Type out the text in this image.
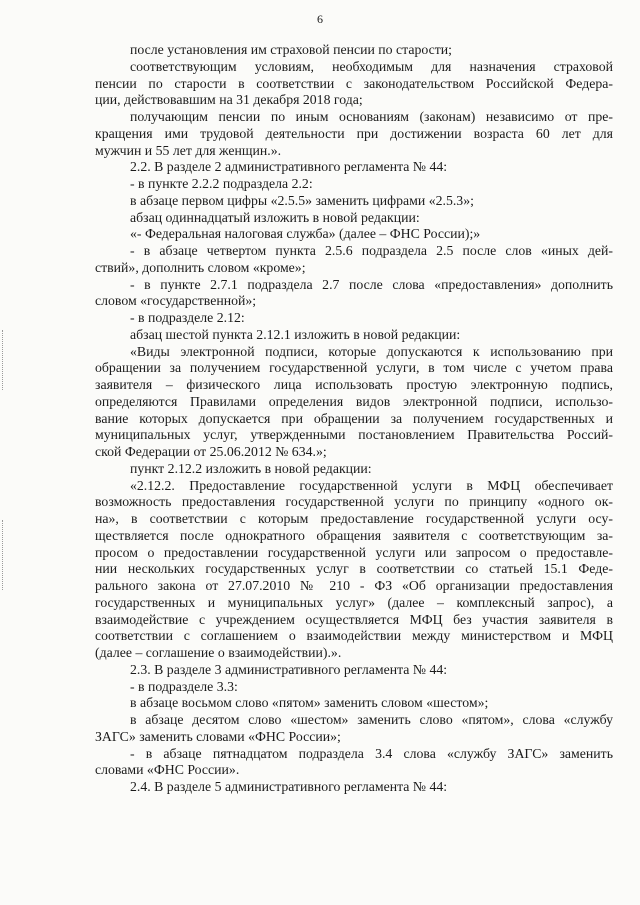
6
после установления им страховой пенсии по старости;
соответствующим условиям, необходимым для назначения страховой
пенсии по старости в соответствии с законодательством Российской Федера-
ции, действовавшим на 31 декабря 2018 года;
получающим пенсии по иным основаниям (законам) независимо от пре-
кращения ими трудовой деятельности при достижении возраста 60 лет для
мужчин и 55 лет для женщин.».
2.2. В разделе 2 административного регламента № 44:
- в пункте 2.2.2 подраздела 2.2:
в абзаце первом цифры «2.5.5» заменить цифрами «2.5.3»;
абзац одиннадцатый изложить в новой редакции:
«- Федеральная налоговая служба» (далее – ФНС России);»
- в абзаце четвертом пункта 2.5.6 подраздела 2.5 после слов «иных дей-
ствий», дополнить словом «кроме»;
- в пункте 2.7.1 подраздела 2.7 после слова «предоставления» дополнить
словом «государственной»;
- в подразделе 2.12:
абзац шестой пункта 2.12.1 изложить в новой редакции:
«Виды электронной подписи, которые допускаются к использованию при
обращении за получением государственной услуги, в том числе с учетом права
заявителя – физического лица использовать простую электронную подпись,
определяются Правилами определения видов электронной подписи, использо-
вание которых допускается при обращении за получением государственных и
муниципальных услуг, утвержденными постановлением Правительства Россий-
ской Федерации от 25.06.2012 № 634.»;
пункт 2.12.2 изложить в новой редакции:
«2.12.2. Предоставление государственной услуги в МФЦ обеспечивает
возможность предоставления государственной услуги по принципу «одного ок-
на», в соответствии с которым предоставление государственной услуги осу-
ществляется после однократного обращения заявителя с соответствующим за-
просом о предоставлении государственной услуги или запросом о предоставле-
нии нескольких государственных услуг в соответствии со статьей 15.1 Феде-
рального закона от 27.07.2010 № 210 - ФЗ «Об организации предоставления
государственных и муниципальных услуг» (далее – комплексный запрос), а
взаимодействие с учреждением осуществляется МФЦ без участия заявителя в
соответствии с соглашением о взаимодействии между министерством и МФЦ
(далее – соглашение о взаимодействии).».
2.3. В разделе 3 административного регламента № 44:
- в подразделе 3.3:
в абзаце восьмом слово «пятом» заменить словом «шестом»;
в абзаце десятом слово «шестом» заменить слово «пятом», слова «службу
ЗАГС» заменить словами «ФНС России»;
- в абзаце пятнадцатом подраздела 3.4 слова «службу ЗАГС» заменить
словами «ФНС России».
2.4. В разделе 5 административного регламента № 44:
